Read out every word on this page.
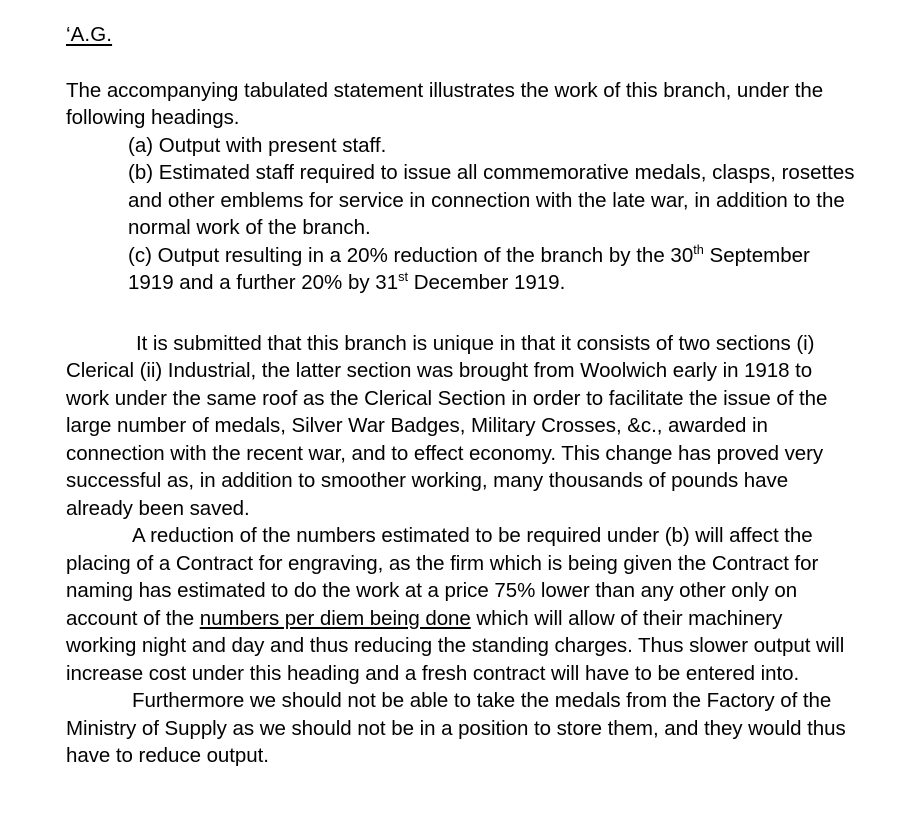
‘A.G.

The accompanying tabulated statement illustrates the work of this branch, under the following headings.

(a) Output with present staff.
(b) Estimated staff required to issue all commemorative medals, clasps, rosettes and other emblems for service in connection with the late war, in addition to the normal work of the branch.
(c) Output resulting in a 20% reduction of the branch by the 30th September 1919 and a further 20% by 31st December 1919.

It is submitted that this branch is unique in that it consists of two sections (i) Clerical (ii) Industrial, the latter section was brought from Woolwich early in 1918 to work under the same roof as the Clerical Section in order to facilitate the issue of the large number of medals, Silver War Badges, Military Crosses, &c., awarded in connection with the recent war, and to effect economy. This change has proved very successful as, in addition to smoother working, many thousands of pounds have already been saved.

A reduction of the numbers estimated to be required under (b) will affect the placing of a Contract for engraving, as the firm which is being given the Contract for naming has estimated to do the work at a price 75% lower than any other only on account of the numbers per diem being done which will allow of their machinery working night and day and thus reducing the standing charges. Thus slower output will increase cost under this heading and a fresh contract will have to be entered into.

Furthermore we should not be able to take the medals from the Factory of the Ministry of Supply as we should not be in a position to store them, and they would thus have to reduce output.
